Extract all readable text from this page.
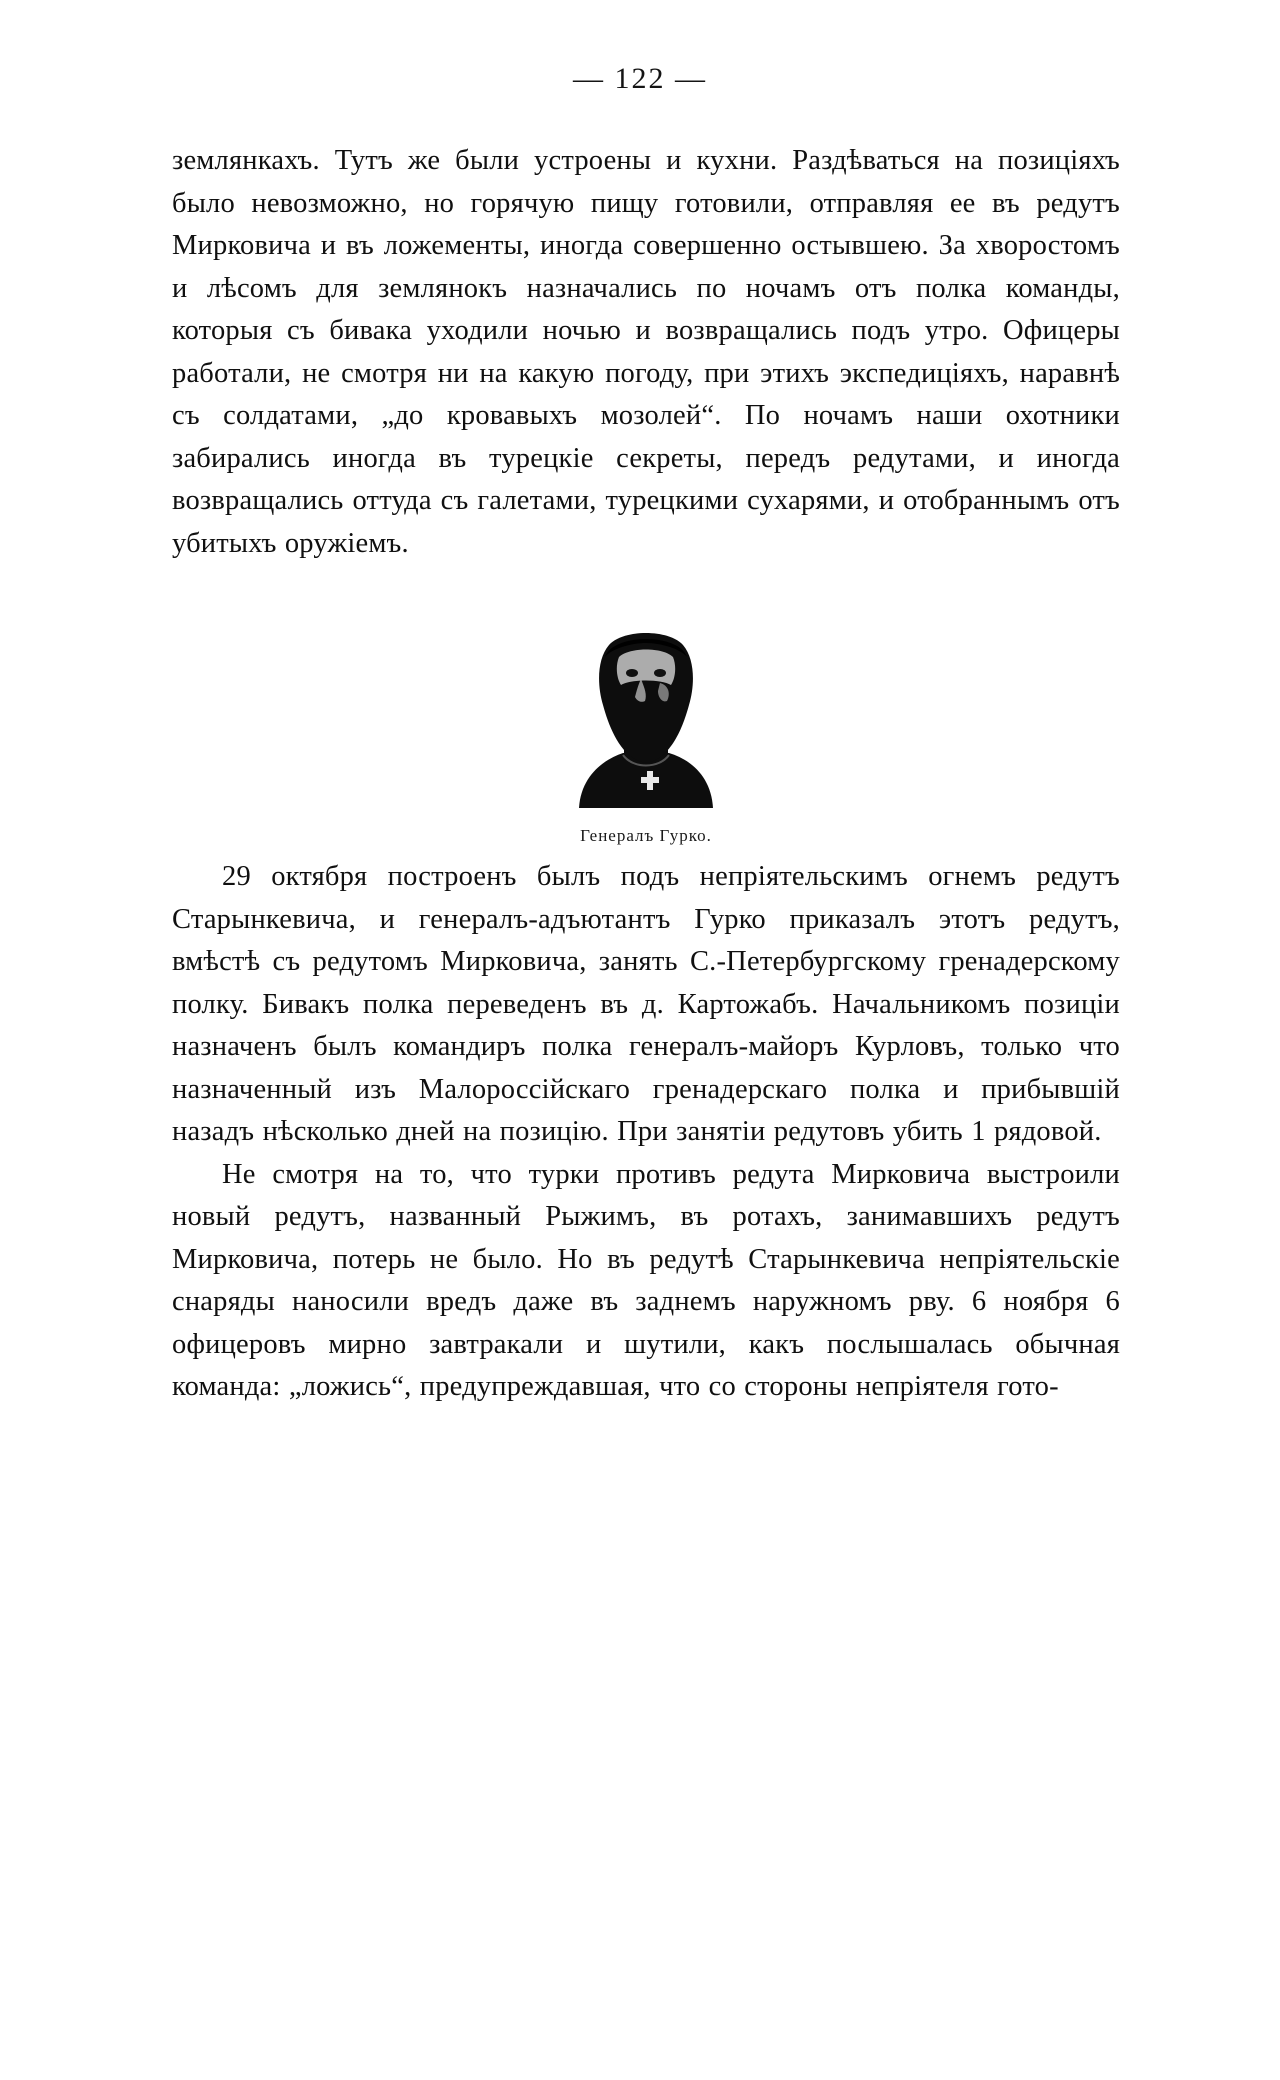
— 122 —

землянкахъ. Тутъ же были устроены и кухни. Раздѣваться на позиціяхъ было невозможно, но горячую пищу готовили, отправляя ее въ редутъ Мирковича и въ ложементы, иногда совершенно остывшею. За хворостомъ и лѣсомъ для землянокъ назначались по ночамъ отъ полка команды, которыя съ бивака уходили ночью и возвращались подъ утро. Офицеры работали, не смотря ни на какую погоду, при этихъ экспедиціяхъ, наравнѣ съ солдатами, „до кровавыхъ мозолей“. По ночамъ наши охотники забирались иногда въ турецкіе секреты, передъ редутами, и иногда возвращались оттуда съ галетами, турецкими сухарями, и отобраннымъ отъ убитыхъ оружіемъ.

Генералъ Гурко.

29 октября построенъ былъ подъ непріятельскимъ огнемъ редутъ Старынкевича, и генералъ-адъютантъ Гурко приказалъ этотъ редутъ, вмѣстѣ съ редутомъ Мирковича, занять С.-Петербургскому гренадерскому полку. Бивакъ полка переведенъ въ д. Картожабъ. Начальникомъ позиціи назначенъ былъ командиръ полка генералъ-майоръ Курловъ, только что назначенный изъ Малороссійскаго гренадерскаго полка и прибывшій назадъ нѣсколько дней на позицію. При занятіи редутовъ убить 1 рядовой.

Не смотря на то, что турки противъ редута Мирковича выстроили новый редутъ, названный Рыжимъ, въ ротахъ, занимавшихъ редутъ Мирковича, потерь не было. Но въ редутѣ Старынкевича непріятельскіе снаряды наносили вредъ даже въ заднемъ наружномъ рву. 6 ноября 6 офицеровъ мирно завтракали и шутили, какъ послышалась обычная команда: „ложись“, предупреждавшая, что со стороны непріятеля гото-
